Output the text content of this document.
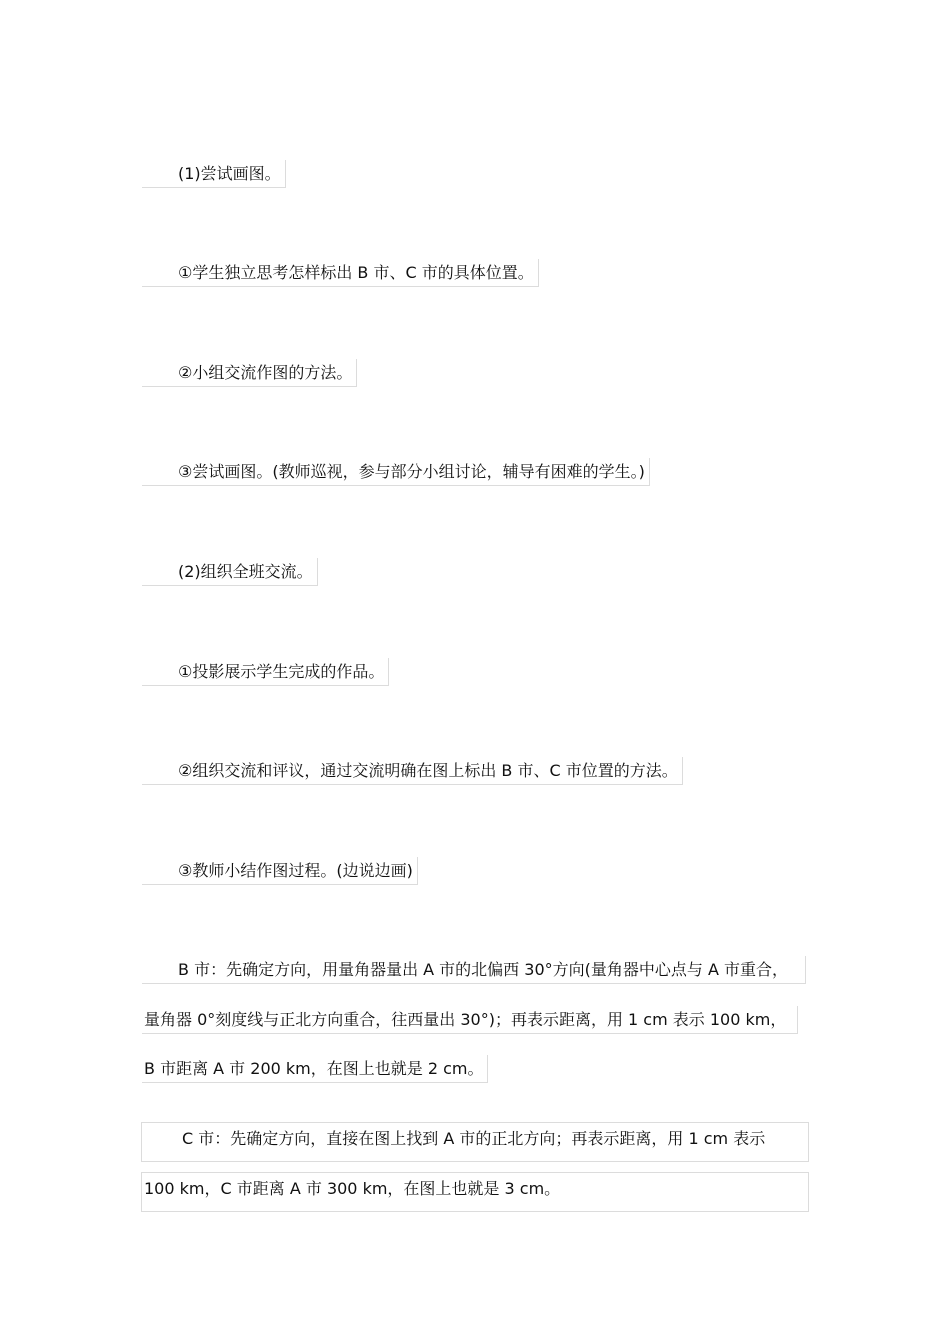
(1)尝试画图。
①学生独立思考怎样标出 B 市、C 市的具体位置。
②小组交流作图的方法。
③尝试画图。(教师巡视，参与部分小组讨论，辅导有困难的学生。)
(2)组织全班交流。
①投影展示学生完成的作品。
②组织交流和评议，通过交流明确在图上标出 B 市、C 市位置的方法。
③教师小结作图过程。(边说边画)
B 市：先确定方向，用量角器量出 A 市的北偏西 30°方向(量角器中心点与 A 市重合，
量角器 0°刻度线与正北方向重合，往西量出 30°)；再表示距离，用 1 cm 表示 100 km，
B 市距离 A 市 200 km，在图上也就是 2 cm。
C 市：先确定方向，直接在图上找到 A 市的正北方向；再表示距离，用 1 cm 表示
100 km，C 市距离 A 市 300 km，在图上也就是 3 cm。
